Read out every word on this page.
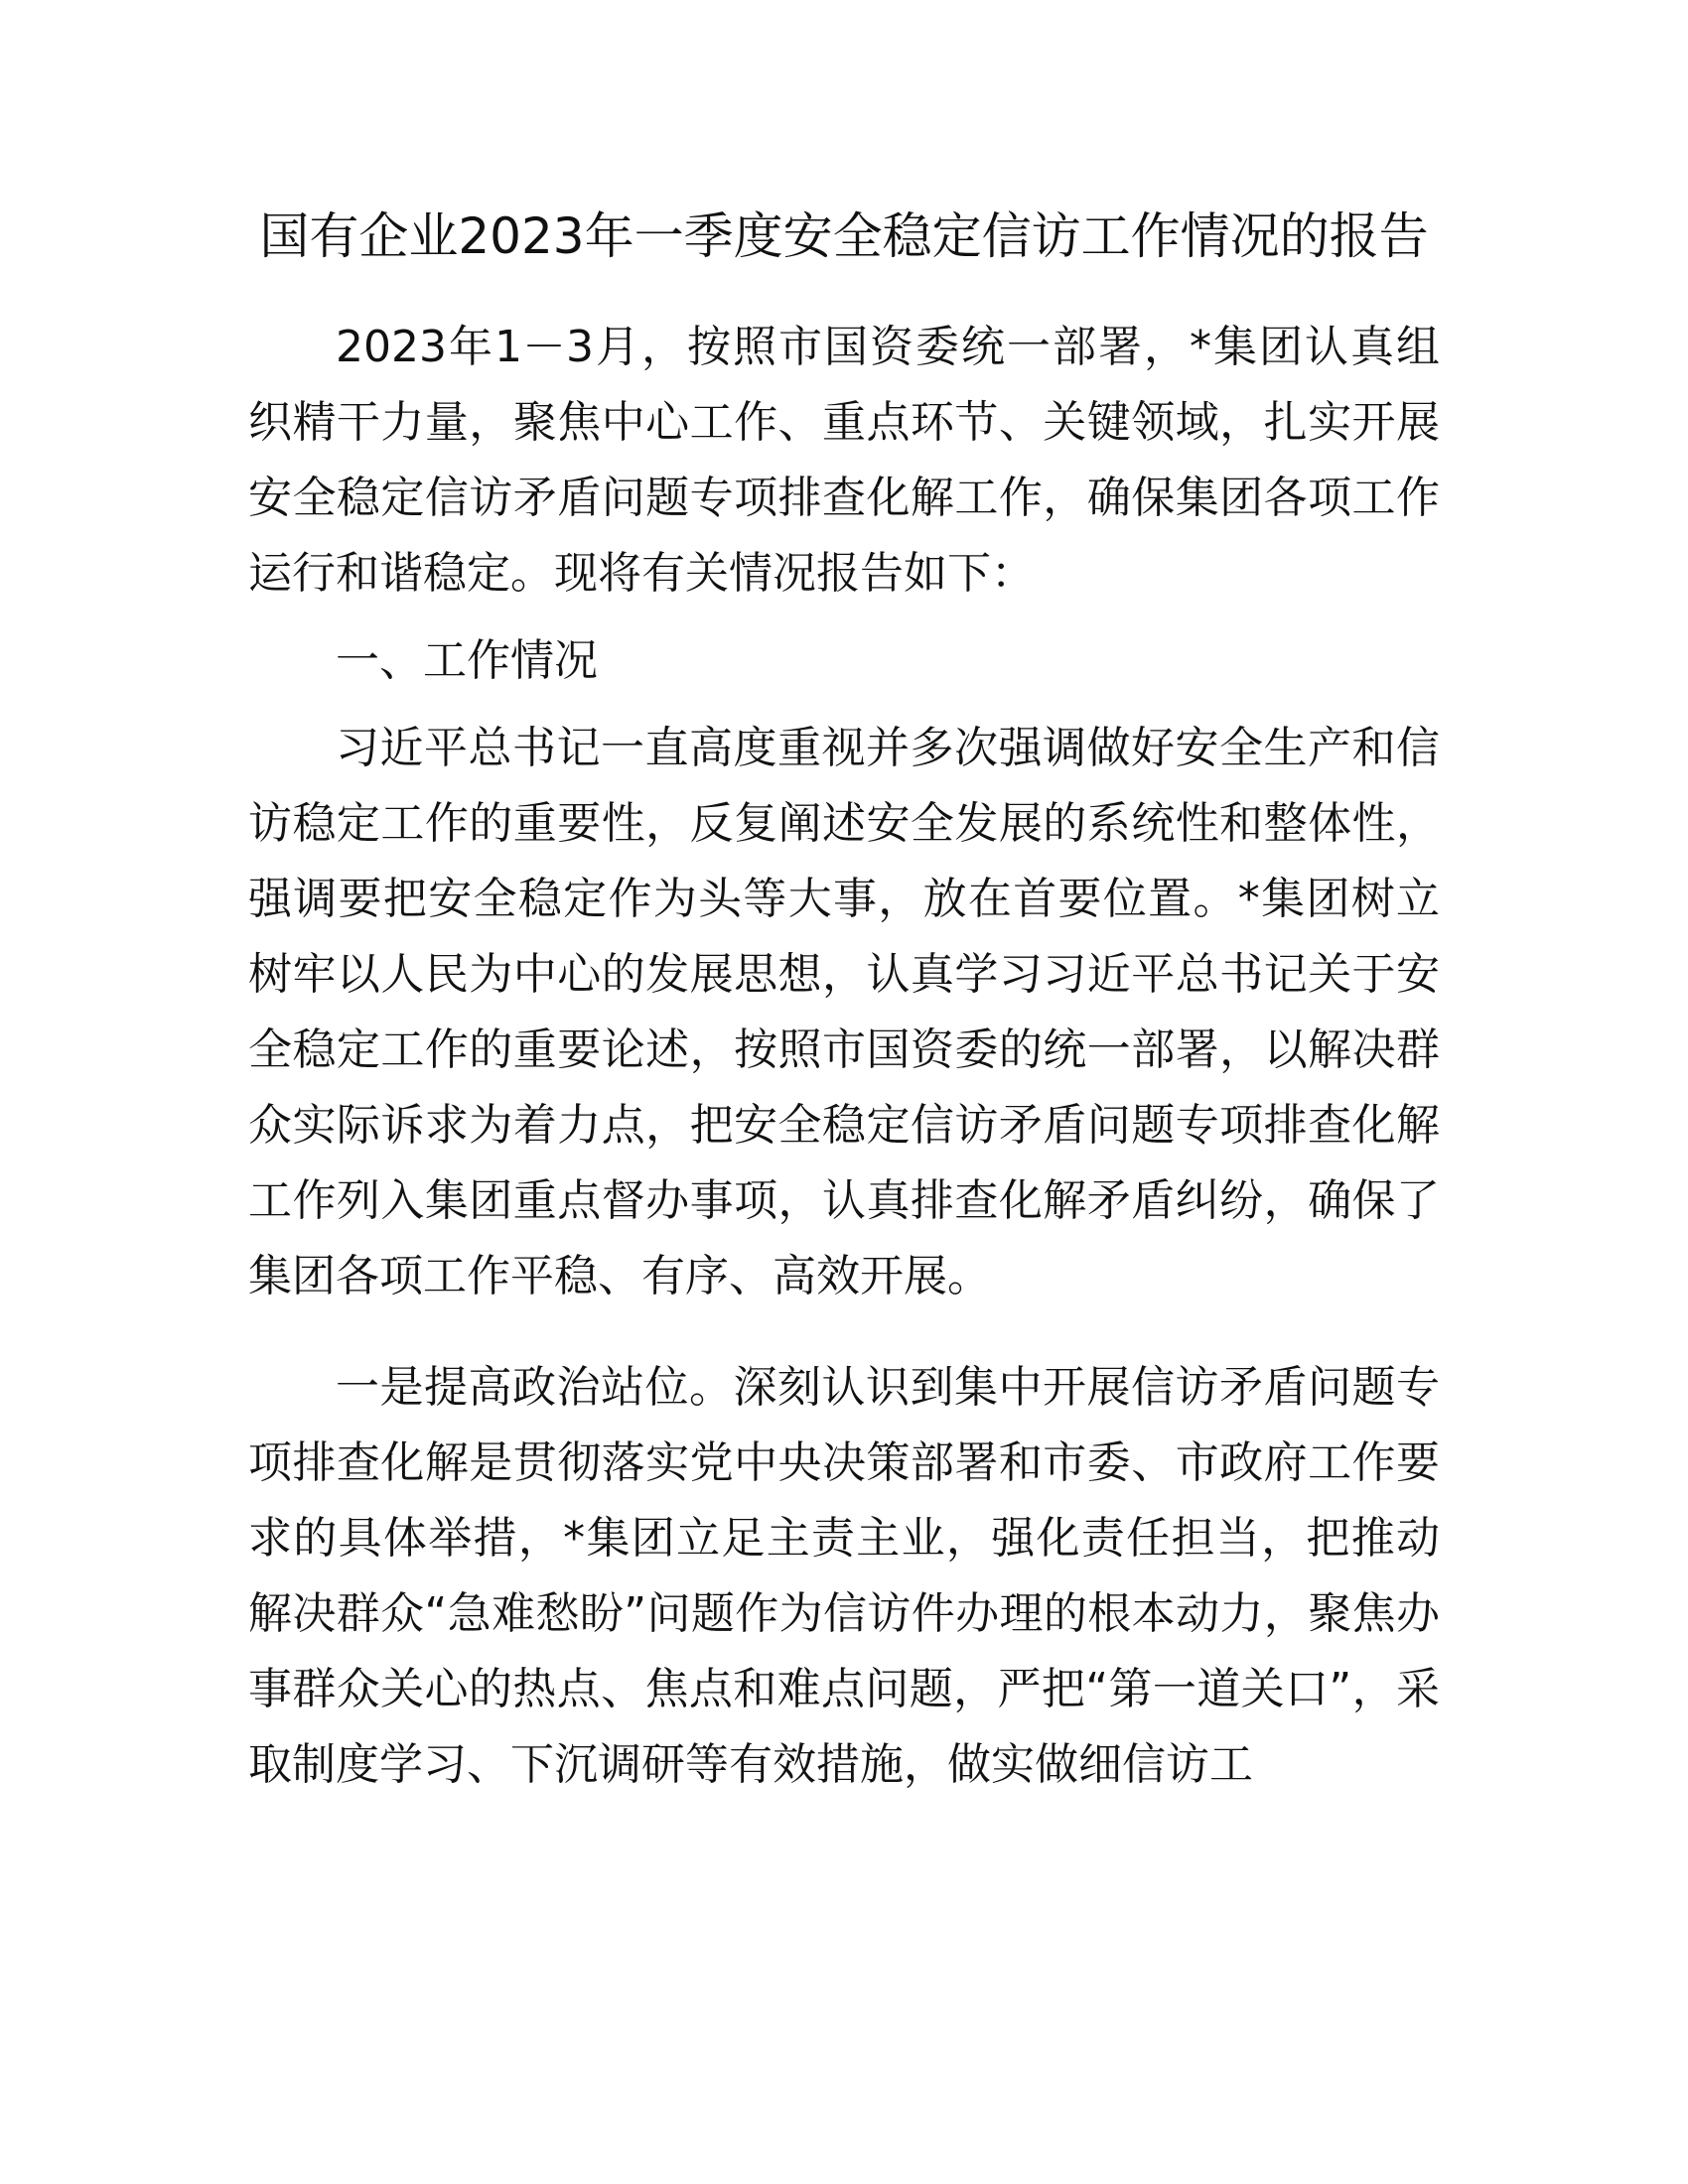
国有企业2023年一季度安全稳定信访工作情况的报告

2023年1－3月，按照市国资委统一部署，*集团认真组织精干力量，聚焦中心工作、重点环节、关键领域，扎实开展安全稳定信访矛盾问题专项排查化解工作，确保集团各项工作运行和谐稳定。现将有关情况报告如下：

一、工作情况

习近平总书记一直高度重视并多次强调做好安全生产和信访稳定工作的重要性，反复阐述安全发展的系统性和整体性，强调要把安全稳定作为头等大事，放在首要位置。*集团树立树牢以人民为中心的发展思想，认真学习习近平总书记关于安全稳定工作的重要论述，按照市国资委的统一部署，以解决群众实际诉求为着力点，把安全稳定信访矛盾问题专项排查化解工作列入集团重点督办事项，认真排查化解矛盾纠纷，确保了集团各项工作平稳、有序、高效开展。

一是提高政治站位。深刻认识到集中开展信访矛盾问题专项排查化解是贯彻落实党中央决策部署和市委、市政府工作要求的具体举措，*集团立足主责主业，强化责任担当，把推动解决群众“急难愁盼”问题作为信访件办理的根本动力，聚焦办事群众关心的热点、焦点和难点问题，严把“第一道关口”，采取制度学习、下沉调研等有效措施，做实做细信访工
